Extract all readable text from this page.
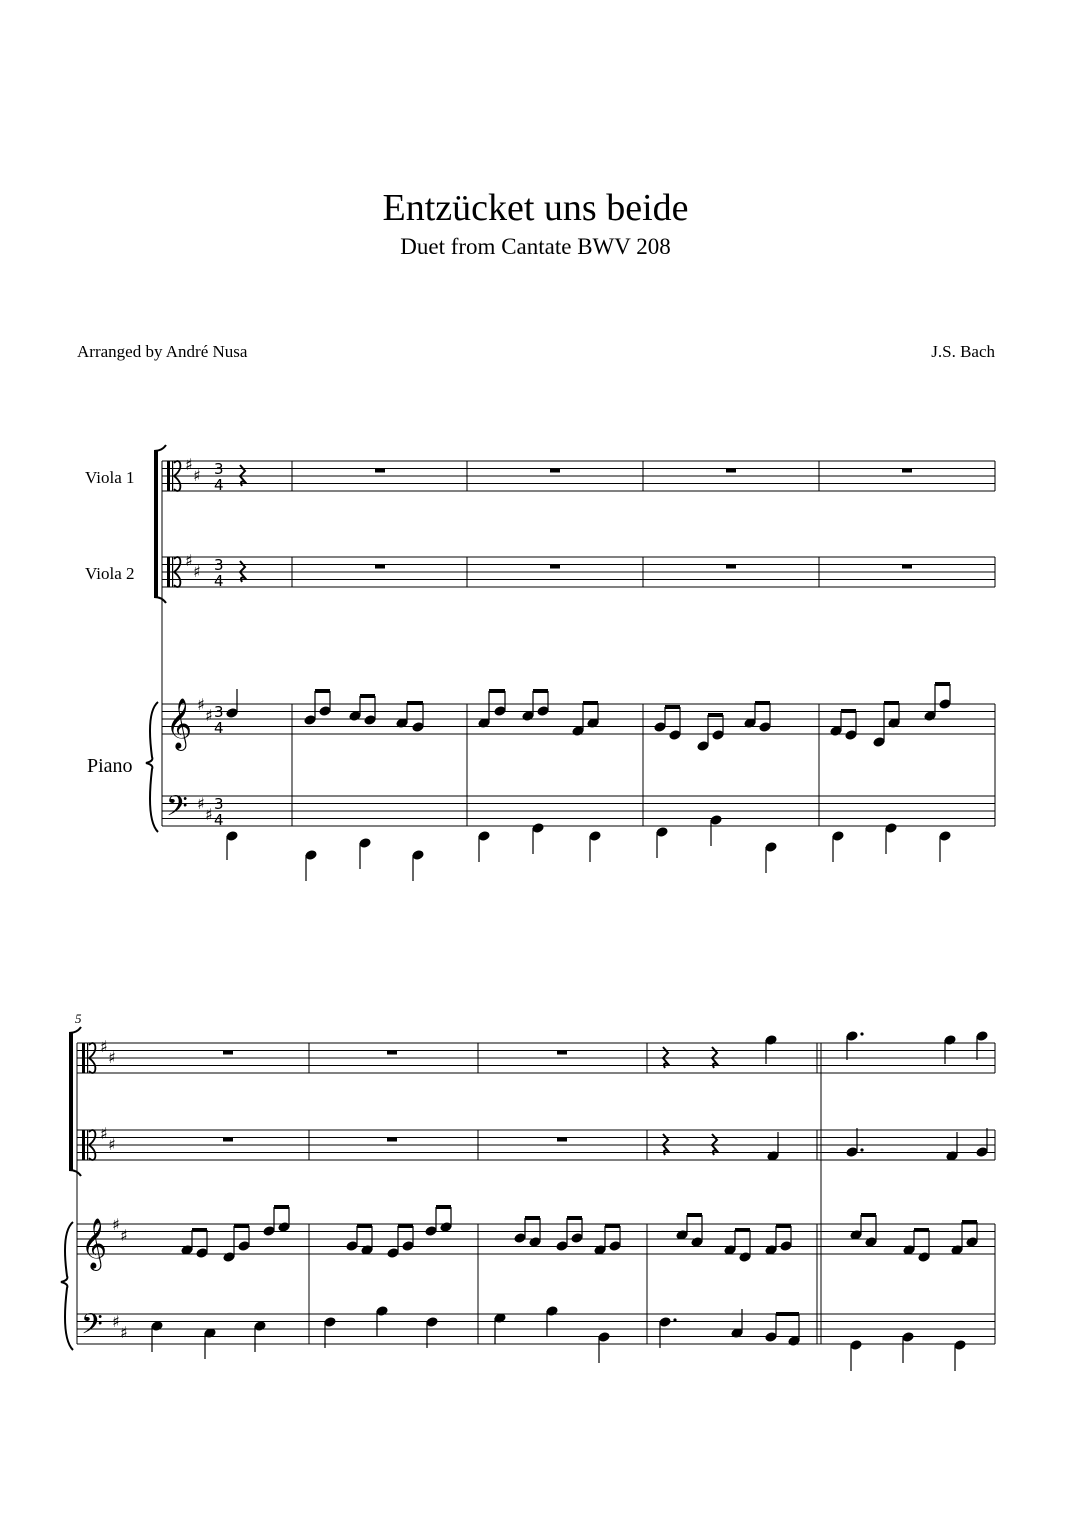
Entzücket uns beide
Duet from Cantate BWV 208
Arranged by André Nusa	J.S. Bach
Viola 1
Viola 2
Piano
♯
♯
♯
♯
𝄞 ♯
♯
𝄢 ♯
♯
3
4
3
4
3
4
3
4
♯
♯
♯
♯
𝄞 ♯
♯
𝄢 ♯
♯
5
